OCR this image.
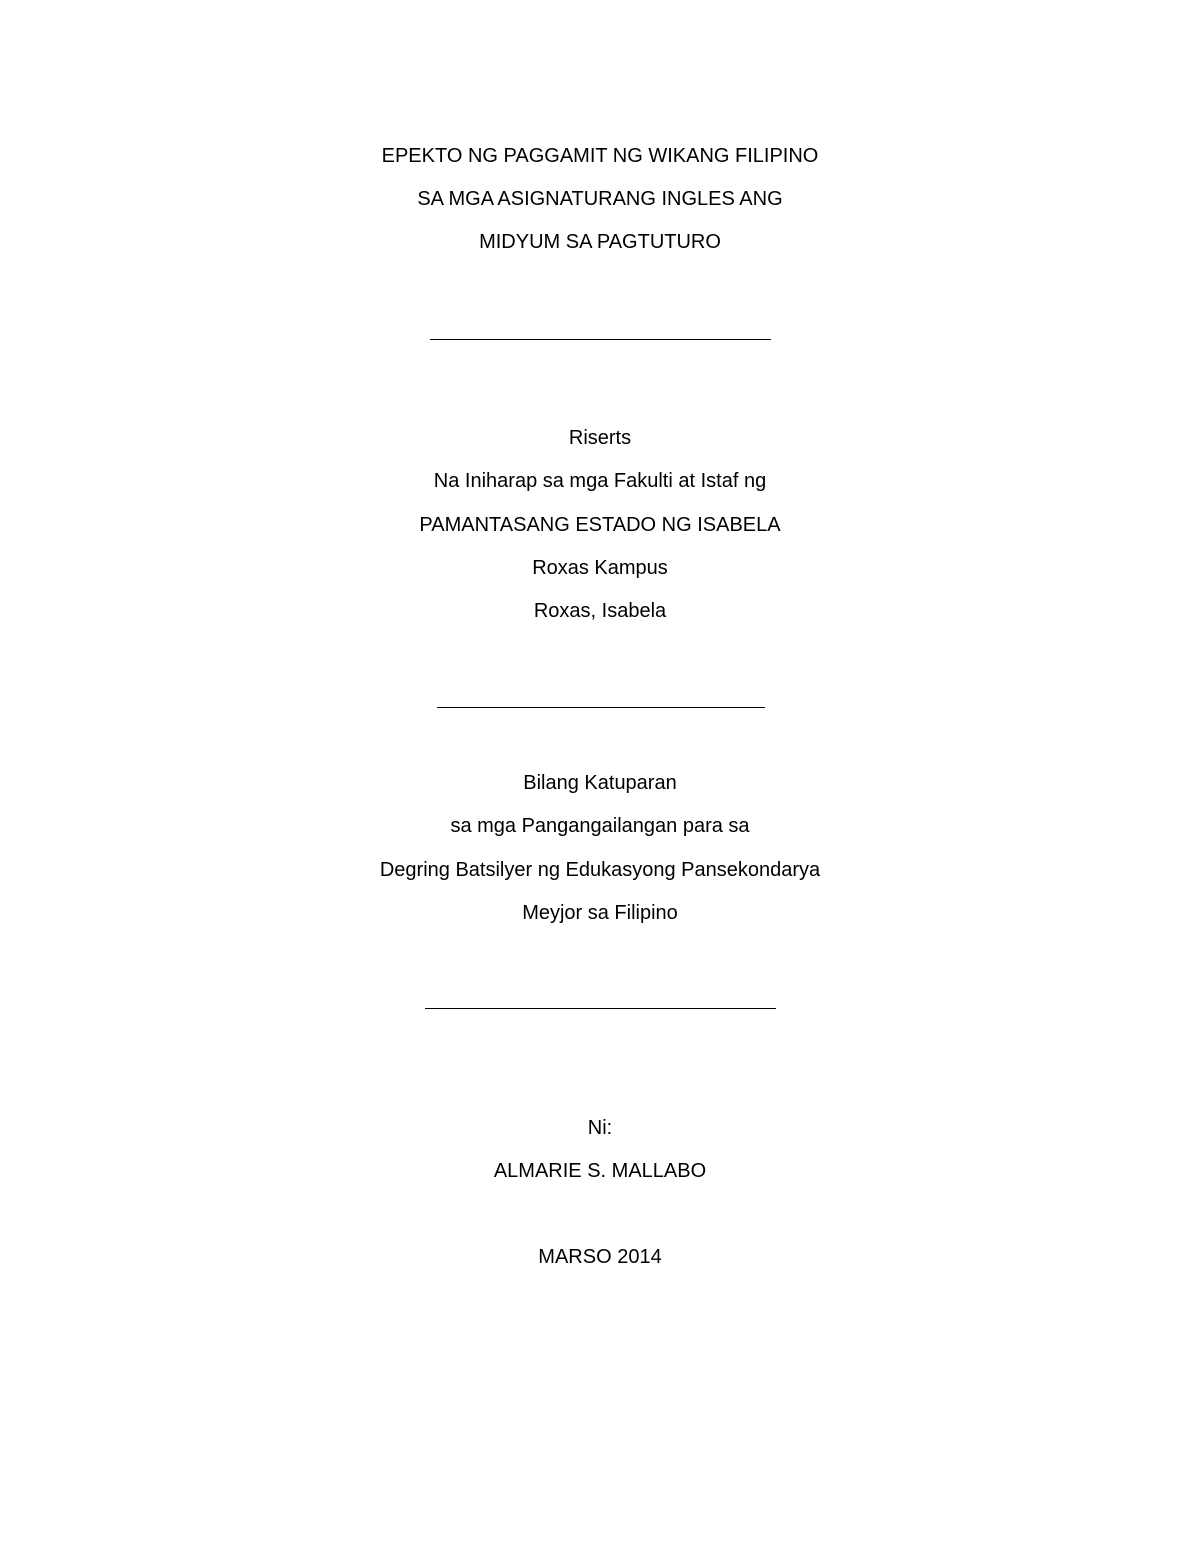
EPEKTO NG PAGGAMIT NG WIKANG FILIPINO
SA MGA ASIGNATURANG INGLES ANG
MIDYUM SA PAGTUTURO
Riserts
Na Iniharap sa mga Fakulti at Istaf ng
PAMANTASANG ESTADO NG ISABELA
Roxas Kampus
Roxas, Isabela
Bilang Katuparan
sa mga Pangangailangan para sa
Degring Batsilyer ng Edukasyong Pansekondarya
Meyjor sa Filipino
Ni:
ALMARIE S. MALLABO
MARSO 2014
